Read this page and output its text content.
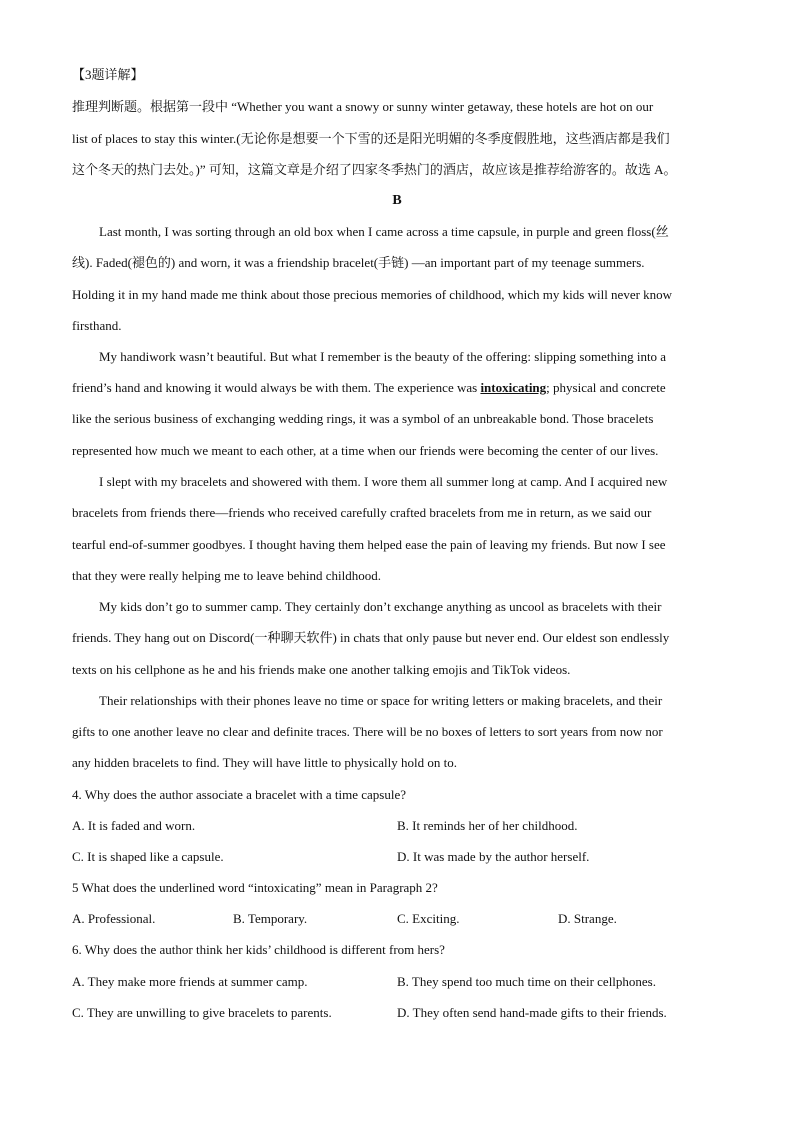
【3题详解】
推理判断题。根据第一段中 “Whether you want a snowy or sunny winter getaway, these hotels are hot on our
list of places to stay this winter.(无论你是想要一个下雪的还是阳光明媚的冬季度假胜地，这些酒店都是我们
这个冬天的热门去处。)” 可知，这篇文章是介绍了四家冬季热门的酒店，故应该是推荐给游客的。故选 A。
B
Last month, I was sorting through an old box when I came across a time capsule, in purple and green floss(丝
线). Faded(褪色的) and worn, it was a friendship bracelet(手链) —an important part of my teenage summers.
Holding it in my hand made me think about those precious memories of childhood, which my kids will never know
firsthand.
My handiwork wasn’t beautiful. But what I remember is the beauty of the offering: slipping something into a
friend’s hand and knowing it would always be with them. The experience was intoxicating; physical and concrete
like the serious business of exchanging wedding rings, it was a symbol of an unbreakable bond. Those bracelets
represented how much we meant to each other, at a time when our friends were becoming the center of our lives.
I slept with my bracelets and showered with them. I wore them all summer long at camp. And I acquired new
bracelets from friends there—friends who received carefully crafted bracelets from me in return, as we said our
tearful end-of-summer goodbyes. I thought having them helped ease the pain of leaving my friends. But now I see
that they were really helping me to leave behind childhood.
My kids don’t go to summer camp. They certainly don’t exchange anything as uncool as bracelets with their
friends. They hang out on Discord(一种聊天软件) in chats that only pause but never end. Our eldest son endlessly
texts on his cellphone as he and his friends make one another talking emojis and TikTok videos.
Their relationships with their phones leave no time or space for writing letters or making bracelets, and their
gifts to one another leave no clear and definite traces. There will be no boxes of letters to sort years from now nor
any hidden bracelets to find. They will have little to physically hold on to.
4. Why does the author associate a bracelet with a time capsule?
A. It is faded and worn.	B. It reminds her of her childhood.
C. It is shaped like a capsule.	D. It was made by the author herself.
5 What does the underlined word “intoxicating” mean in Paragraph 2?
A. Professional.	B. Temporary.	C. Exciting.	D. Strange.
6. Why does the author think her kids’ childhood is different from hers?
A. They make more friends at summer camp.	B. They spend too much time on their cellphones.
C. They are unwilling to give bracelets to parents.	D. They often send hand-made gifts to their friends.
